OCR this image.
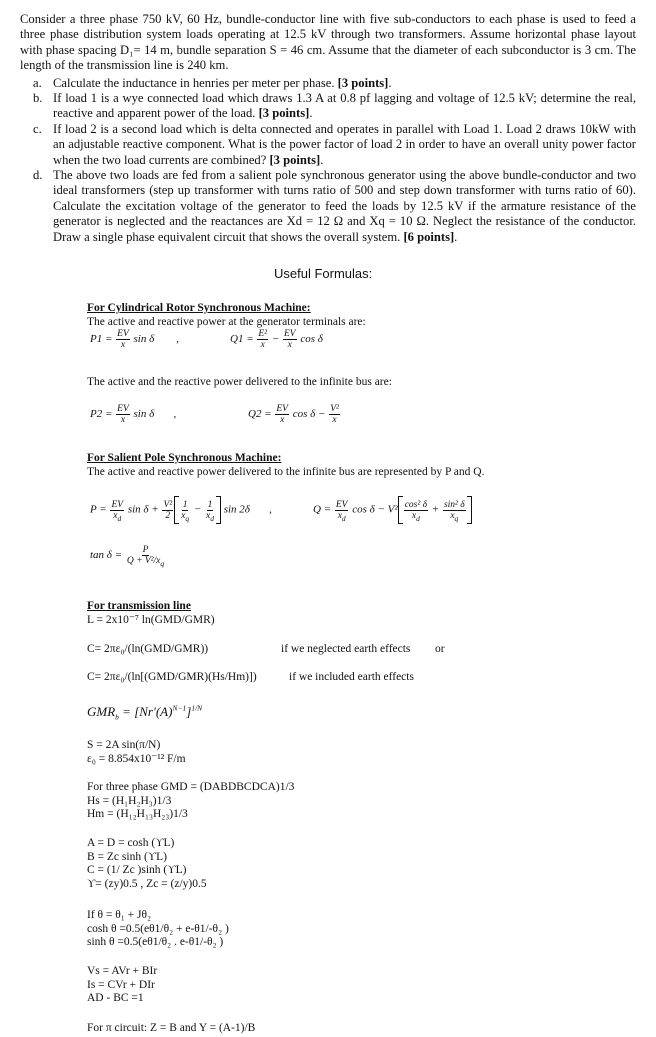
Consider a three phase 750 kV, 60 Hz, bundle-conductor line with five sub-conductors to each phase is used to feed a three phase distribution system loads operating at 12.5 kV through two transformers. Assume horizontal phase layout with phase spacing D₁= 14 m, bundle separation S = 46 cm. Assume that the diameter of each subconductor is 3 cm. The length of the transmission line is 240 km.

a. Calculate the inductance in henries per meter per phase. [3 points].
b. If load 1 is a wye connected load which draws 1.3 A at 0.8 pf lagging and voltage of 12.5 kV; determine the real, reactive and apparent power of the load. [3 points].
c. If load 2 is a second load which is delta connected and operates in parallel with Load 1. Load 2 draws 10kW with an adjustable reactive component. What is the power factor of load 2 in order to have an overall unity power factor when the two load currents are combined? [3 points].
d. The above two loads are fed from a salient pole synchronous generator using the above bundle-conductor and two ideal transformers (step up transformer with turns ratio of 500 and step down transformer with turns ratio of 60). Calculate the excitation voltage of the generator to feed the loads by 12.5 kV if the armature resistance of the generator is neglected and the reactances are Xd = 12 Ω and Xq = 10 Ω. Neglect the resistance of the conductor. Draw a single phase equivalent circuit that shows the overall system. [6 points].
Useful Formulas:
For Cylindrical Rotor Synchronous Machine:
The active and reactive power at the generator terminals are:
$P1 = \frac{EV}{x}$ sin δ        ,	$Q1 = \frac{\text{E²}}{x} - \frac{EV}{x}$ cos δ
The active and the reactive power delivered to the infinite bus are:
$P2 = \frac{EV}{x}$ sin δ       ,	$Q2 = \frac{EV}{x}$ $\cos \delta - \frac{\text{V²}}{x}$
For Salient Pole Synchronous Machine:
The active and reactive power delivered to the infinite bus are represented by P and Q.
$P = \frac{EV}{x_d}$ $\sin \delta + \frac{\text{V²}}{2} \frac{1}{x_q} - \frac{1}{x_d}$ sin 2δ       ,	$Q = \frac{EV}{x_d}$ $\cos \delta - V^2 \frac{\text{cos² δ}}{x_d} + \frac{\text{sin² δ}}{x_q}$
$\tan \delta = \frac{P}{Q + V^2/x_q}$
For transmission line
L = 2x10⁻⁷ ln(GMD/GMR)
C= 2πε₀/(ln(GMD/GMR))	if we neglected earth effects or
C= 2πε₀/(ln[(GMD/GMR)(Hs/Hm)])	if we included earth effects
$GMR_b = [Nr'(A)^{N-1}]^{1/N}$
S = 2A sin(π/N)
ε₀ = 8.854x10⁻¹² F/m
For three phase GMD = (DABDBCDCA)1/3
Hs = (H₁H₂H₃)1/3
Hm = (H₁₂H₁₃H₂₃)1/3
A = D = cosh (ϒL)
B = Zc sinh (ϒL)
C = (1/ Zc )sinh (ϒL)
ϒ= (zy)0.5 , Zc = (z/y)0.5
If θ = θ₁ + Jθ₂
cosh θ =0.5(eθ1/θ₂ + e-θ1/-θ₂ )
sinh θ =0.5(eθ1/θ₂ . e-θ1/-θ₂ )
Vs = AVr + BIr
Is = CVr + DIr
AD - BC =1
For π circuit: Z = B and Y = (A-1)/B
